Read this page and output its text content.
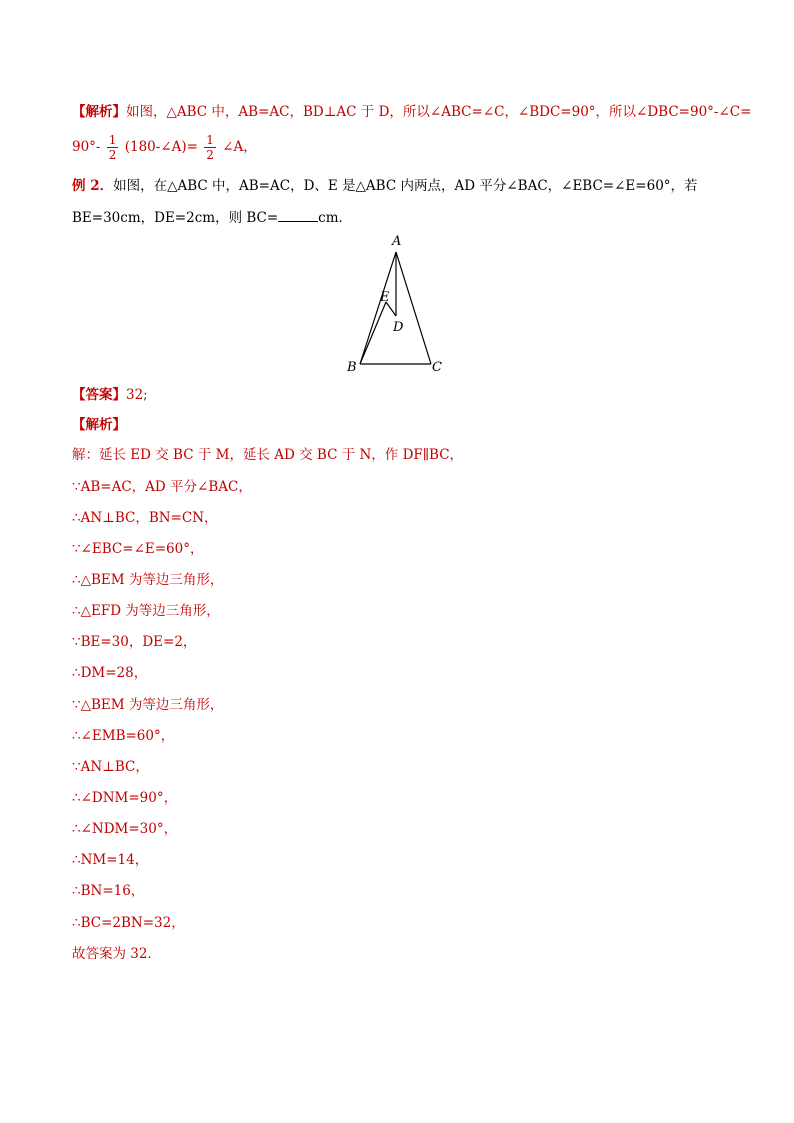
【解析】如图，△ABC 中，AB=AC，BD⊥AC 于 D，所以∠ABC=∠C，∠BDC=90°，所以∠DBC=90°-∠C=
$90^\circ- \frac{1}{2}$ (180-∠A)= $\frac{1}{2}$ ∠A，
例 2．如图，在△ABC 中，AB=AC，D、E 是△ABC 内两点，AD 平分∠BAC，∠EBC=∠E=60°，若
BE=30cm，DE=2cm，则 BC=	cm．
A
E
D
B	C
【答案】32;
【解析】
解：延长 ED 交 BC 于 M，延长 AD 交 BC 于 N，作 DF∥BC，
∵AB=AC，AD 平分∠BAC，
∴AN⊥BC，BN=CN，
∵∠EBC=∠E=60°，
∴△BEM 为等边三角形，
∴△EFD 为等边三角形，
∵BE=30，DE=2，
∴DM=28，
∵△BEM 为等边三角形，
∴∠EMB=60°，
∵AN⊥BC，
∴∠DNM=90°，
∴∠NDM=30°，
∴NM=14，
∴BN=16，
∴BC=2BN=32，
故答案为 32．
